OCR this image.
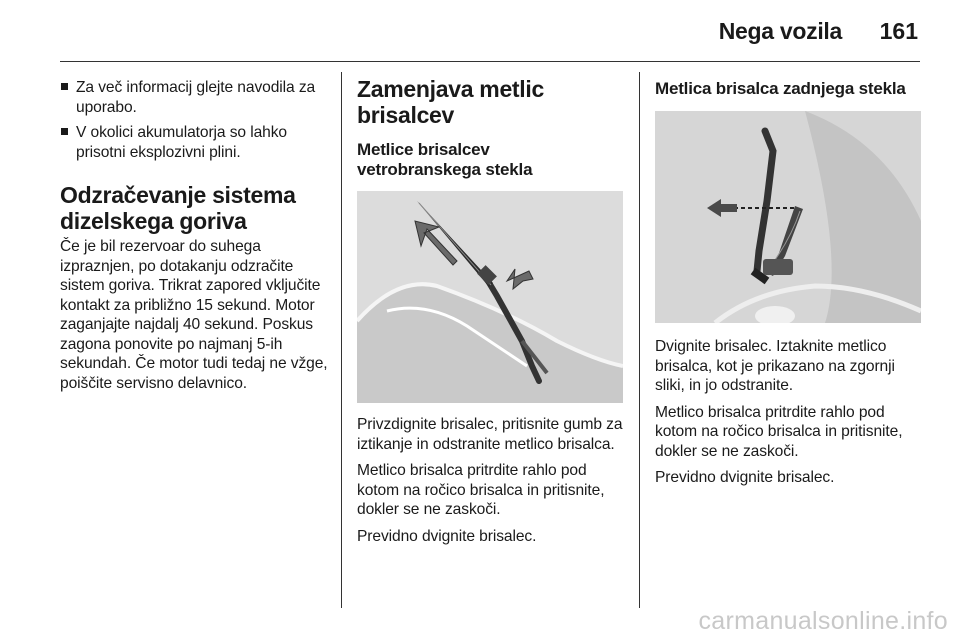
Nega vozila 161
Za več informacij glejte navodila za uporabo.
V okolici akumulatorja so lahko prisotni eksplozivni plini.
Odzračevanje sistema
dizelskega goriva

Če je bil rezervoar do suhega izpraznjen, po dotakanju odzračite sistem goriva. Trikrat zapored vključite kontakt za približno 15 sekund. Motor zaganjajte najdalj 40 sekund. Poskus zagona ponovite po najmanj 5-ih sekundah. Če motor tudi tedaj ne vžge, poiščite servisno delavnico.

Zamenjava metlic
brisalcev
Metlice brisalcev
vetrobranskega stekla

Privzdignite brisalec, pritisnite gumb za iztikanje in odstranite metlico brisalca.

Metlico brisalca pritrdite rahlo pod kotom na ročico brisalca in pritisnite, dokler se ne zaskoči.

Previdno dvignite brisalec.

Metlica brisalca zadnjega stekla

Dvignite brisalec. Iztaknite metlico brisalca, kot je prikazano na zgornji sliki, in jo odstranite.

Metlico brisalca pritrdite rahlo pod kotom na ročico brisalca in pritisnite, dokler se ne zaskoči.

Previdno dvignite brisalec.

carmanualsonline.info
